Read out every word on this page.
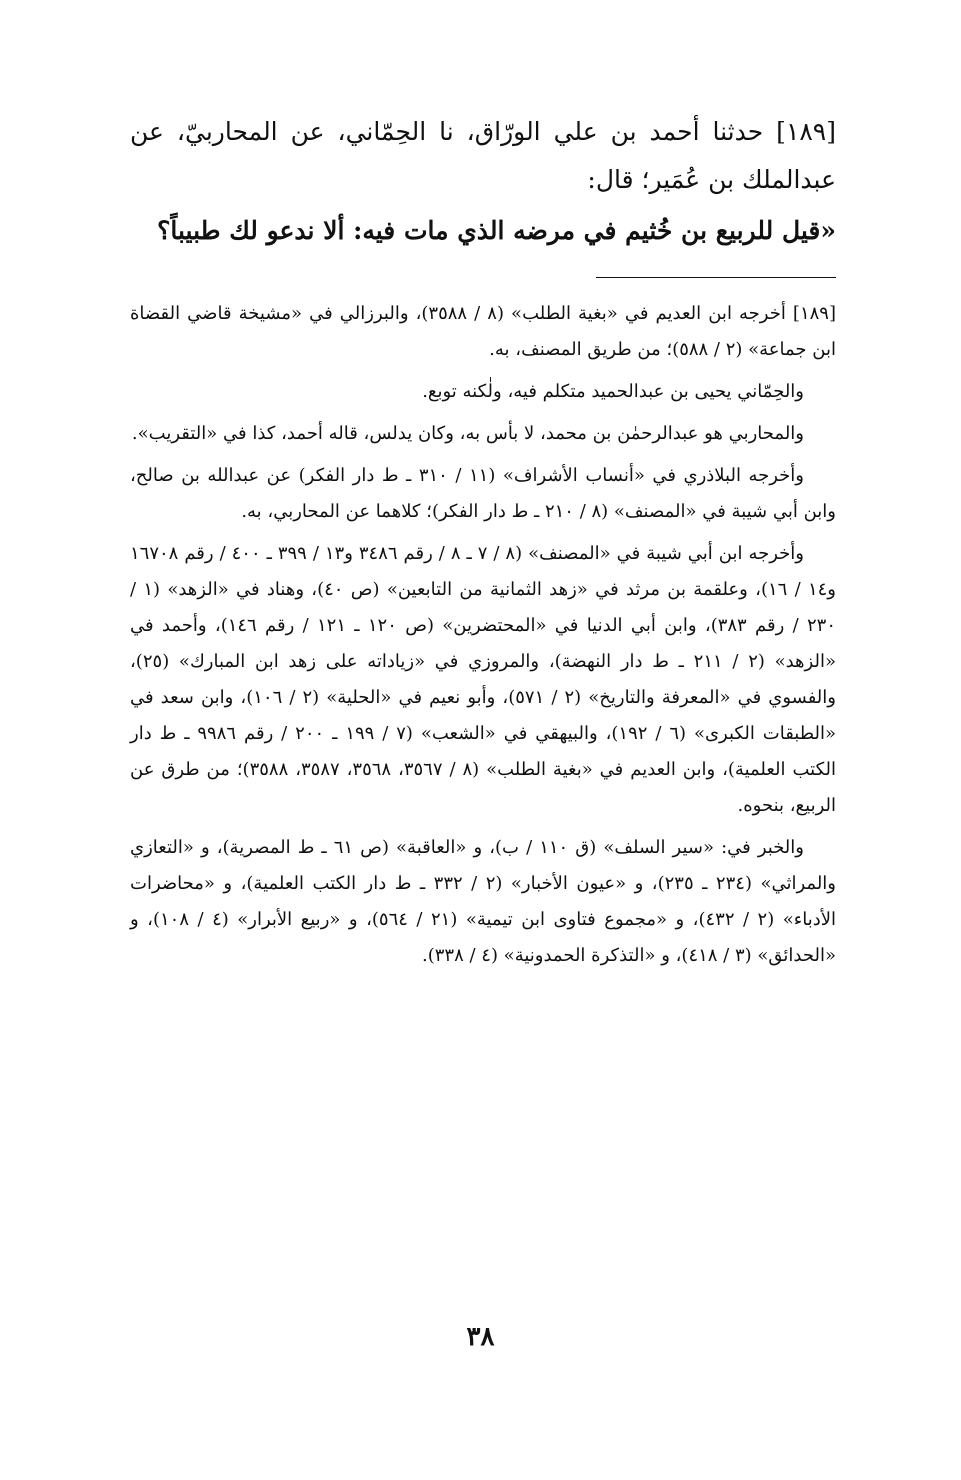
[١٨٩] حدثنا أحمد بن علي الورّاق، نا الحِمّاني، عن المحاربيّ، عن عبدالملك بن عُمَير؛ قال:

«قيل للربيع بن خُثيم في مرضه الذي مات فيه: ألا ندعو لك طبيباً؟

[١٨٩] أخرجه ابن العديم في «بغية الطلب» (٨ / ٣٥٨٨)، والبرزالي في «مشيخة قاضي القضاة ابن جماعة» (٢ / ٥٨٨)؛ من طريق المصنف، به.

والحِمّاني يحيى بن عبدالحميد متكلم فيه، ولٰكنه توبع.

والمحاربي هو عبدالرحمٰن بن محمد، لا بأس به، وكان يدلس، قاله أحمد، كذا في «التقريب».

وأخرجه البلاذري في «أنساب الأشراف» (١١ / ٣١٠ ـ ط دار الفكر) عن عبدالله بن صالح، وابن أبي شيبة في «المصنف» (٨ / ٢١٠ ـ ط دار الفكر)؛ كلاهما عن المحاربي، به.

وأخرجه ابن أبي شيبة في «المصنف» (٨ / ٧ ـ ٨ / رقم ٣٤٨٦ و١٣ / ٣٩٩ ـ ٤٠٠ / رقم ١٦٧٠٨ و١٤ / ١٦)، وعلقمة بن مرثد في «زهد الثمانية من التابعين» (ص ٤٠)، وهناد في «الزهد» (١ / ٢٣٠ / رقم ٣٨٣)، وابن أبي الدنيا في «المحتضرين» (ص ١٢٠ ـ ١٢١ / رقم ١٤٦)، وأحمد في «الزهد» (٢ / ٢١١ ـ ط دار النهضة)، والمروزي في «زياداته على زهد ابن المبارك» (٢٥)، والفسوي في «المعرفة والتاريخ» (٢ / ٥٧١)، وأبو نعيم في «الحلية» (٢ / ١٠٦)، وابن سعد في «الطبقات الكبرى» (٦ / ١٩٢)، والبيهقي في «الشعب» (٧ / ١٩٩ ـ ٢٠٠ / رقم ٩٩٨٦ ـ ط دار الكتب العلمية)، وابن العديم في «بغية الطلب» (٨ / ٣٥٦٧، ٣٥٦٨، ٣٥٨٧، ٣٥٨٨)؛ من طرق عن الربيع، بنحوه.

والخبر في: «سير السلف» (ق ١١٠ / ب)، و «العاقبة» (ص ٦١ ـ ط المصرية)، و «التعازي والمراثي» (٢٣٤ ـ ٢٣٥)، و «عيون الأخبار» (٢ / ٣٣٢ ـ ط دار الكتب العلمية)، و «محاضرات الأدباء» (٢ / ٤٣٢)، و «مجموع فتاوى ابن تيمية» (٢١ / ٥٦٤)، و «ربيع الأبرار» (٤ / ١٠٨)، و «الحدائق» (٣ / ٤١٨)، و «التذكرة الحمدونية» (٤ / ٣٣٨).

٣٨
